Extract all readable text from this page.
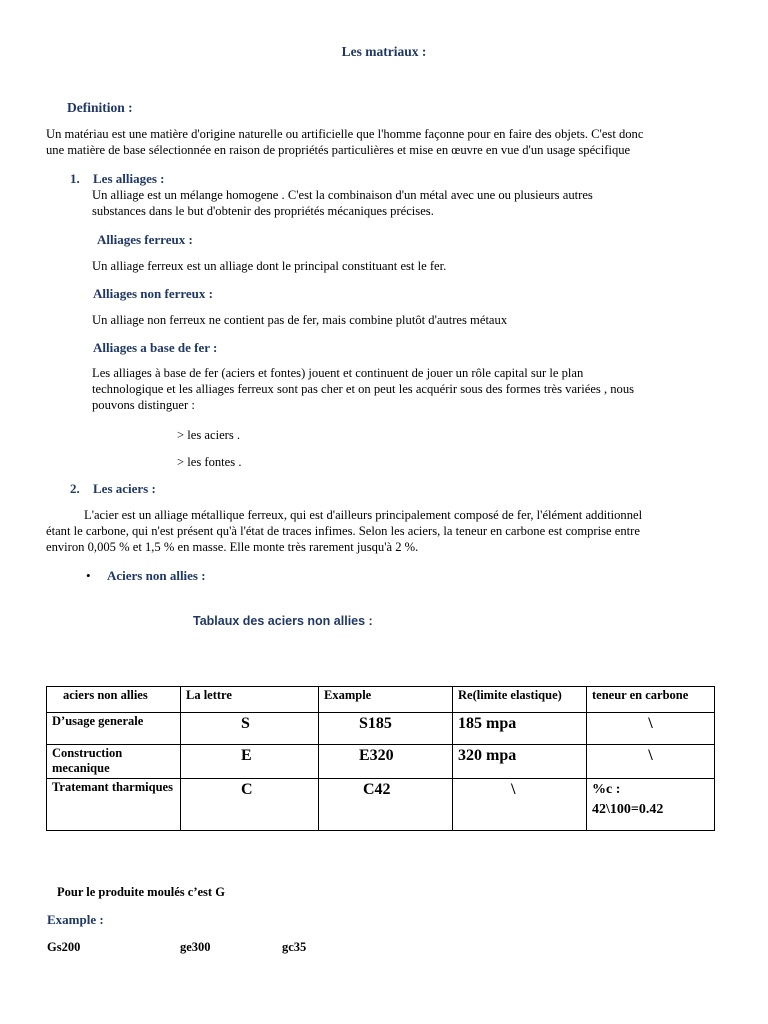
Les matriaux :
Definition :
Un matériau est une matière d'origine naturelle ou artificielle que l'homme façonne pour en faire des objets. C'est donc
une matière de base sélectionnée en raison de propriétés particulières et mise en œuvre en vue d'un usage spécifique
1. Les alliages :
Un alliage est un mélange homogene . C'est la combinaison d'un métal avec une ou plusieurs autres
substances dans le but d'obtenir des propriétés mécaniques précises.
Alliages ferreux :
Un alliage ferreux est un alliage dont le principal constituant est le fer.
Alliages non ferreux :
Un alliage non ferreux ne contient pas de fer, mais combine plutôt d'autres métaux
Alliages a base de fer :
Les alliages à base de fer (aciers et fontes) jouent et continuent de jouer un rôle capital sur le plan
technologique et les alliages ferreux sont pas cher et on peut les acquérir sous des formes très variées , nous
pouvons distinguer :
> les aciers .
> les fontes .
2. Les aciers :
L'acier est un alliage métallique ferreux, qui est d'ailleurs principalement composé de fer, l'élément additionnel
étant le carbone, qui n'est présent qu'à l'état de traces infimes. Selon les aciers, la teneur en carbone est comprise entre
environ 0,005 % et 1,5 % en masse. Elle monte très rarement jusqu'à 2 %.
• Aciers non allies :
Tablaux des aciers non allies :
aciers non allies	La lettre	Example	Re(limite elastique)	teneur en carbone
D’usage generale	S	S185	185 mpa	\
Construction mecanique	E	E320	320 mpa	\
Tratemant tharmiques	C	C42	\	%c :
42\100=0.42
Pour le produite moulés c’est G
Example :
Gs200	ge300	gc35
